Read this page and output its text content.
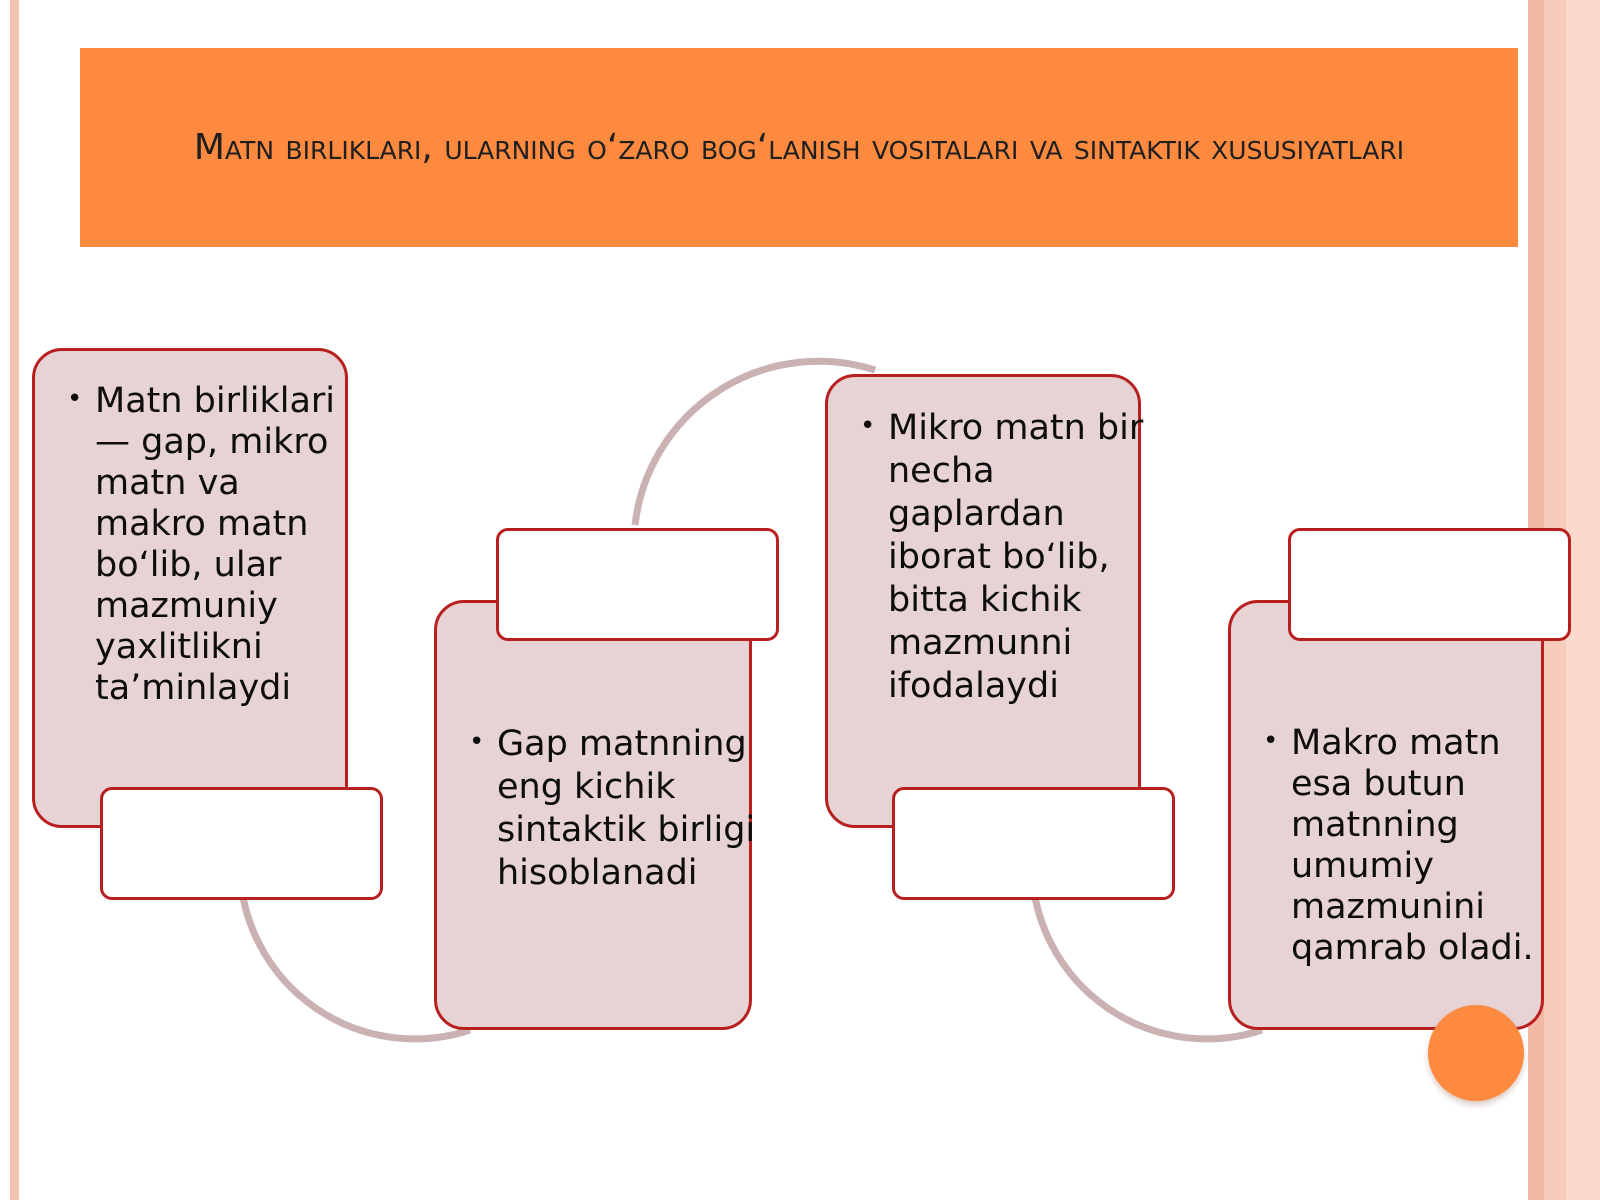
Matn birliklari, ularning o‘zaro bog‘lanish vositalari va sintaktik xususiyatlari
• Matn birliklari — gap, mikro matn va makro matn bo‘lib, ular mazmuniy yaxlitlikni ta’minlaydi
• Gap matnning eng kichik sintaktik birligi hisoblanadi
• Mikro matn bir necha gaplardan iborat bo‘lib, bitta kichik mazmunni ifodalaydi
• Makro matn esa butun matnning umumiy mazmunini qamrab oladi.
